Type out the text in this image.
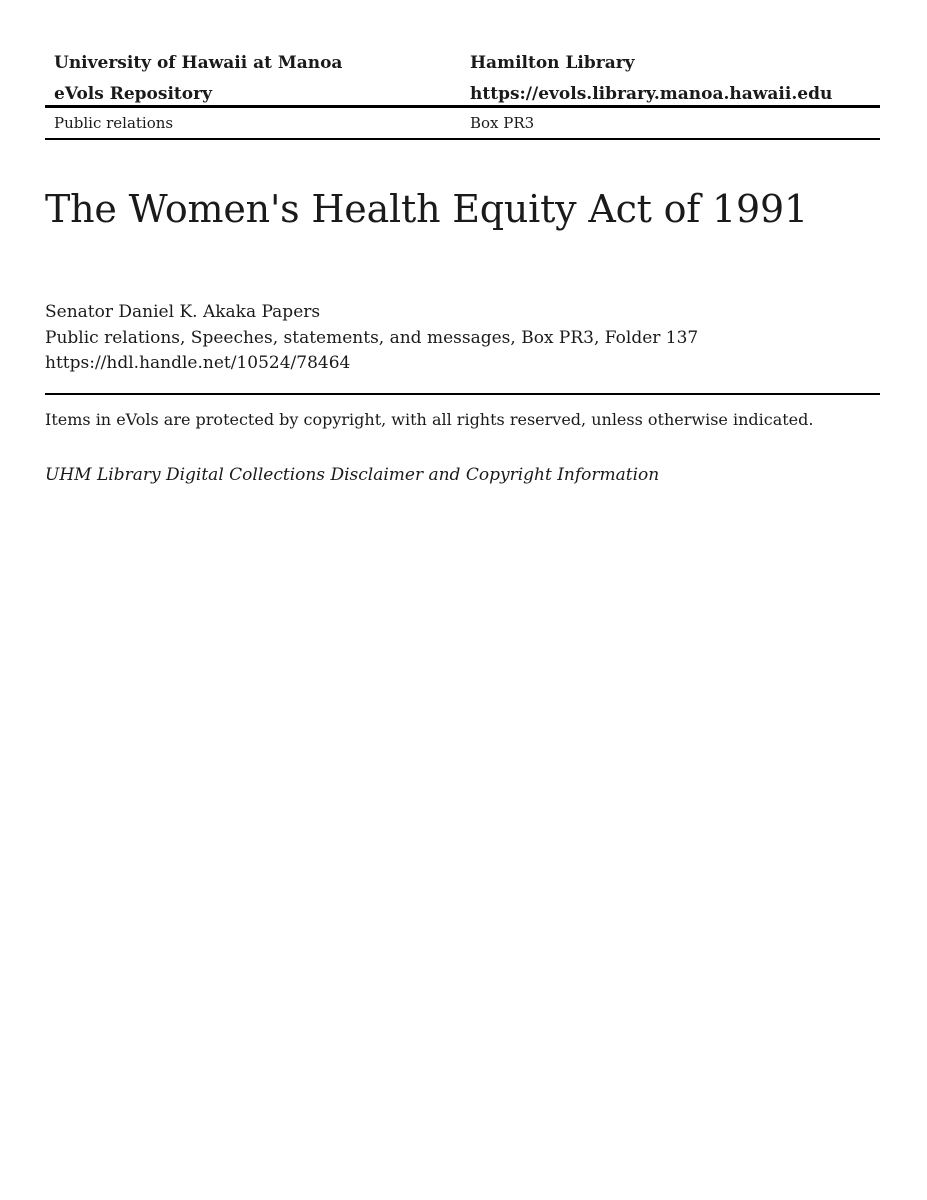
University of Hawaii at Manoa
eVols Repository
Hamilton Library
https://evols.library.manoa.hawaii.edu
Public relations	Box PR3
The Women's Health Equity Act of 1991

Senator Daniel K. Akaka Papers

Public relations, Speeches, statements, and messages, Box PR3, Folder 137

https://hdl.handle.net/10524/78464

Items in eVols are protected by copyright, with all rights reserved, unless otherwise indicated.

UHM Library Digital Collections Disclaimer and Copyright Information
